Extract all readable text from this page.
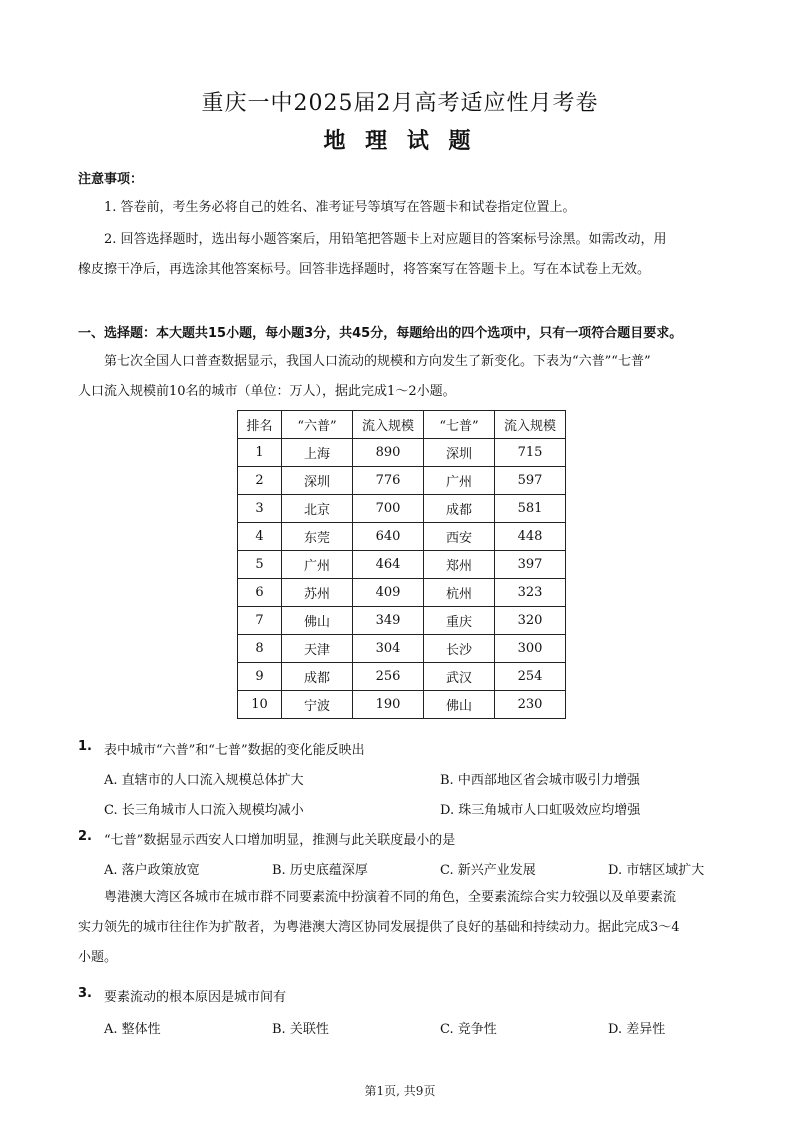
重庆一中2025届2月高考适应性月考卷
地 理 试 题
注意事项：
1. 答卷前，考生务必将自己的姓名、准考证号等填写在答题卡和试卷指定位置上。
2. 回答选择题时，选出每小题答案后，用铅笔把答题卡上对应题目的答案标号涂黑。如需改动，用
橡皮擦干净后，再选涂其他答案标号。回答非选择题时，将答案写在答题卡上。写在本试卷上无效。
一、选择题：本大题共15小题，每小题3分，共45分，每题给出的四个选项中，只有一项符合题目要求。
第七次全国人口普查数据显示，我国人口流动的规模和方向发生了新变化。下表为“六普”“七普”
人口流入规模前10名的城市（单位：万人），据此完成1～2小题。
排名	“六普”	流入规模	“七普”	流入规模
1	上海	890	深圳	715
2	深圳	776	广州	597
3	北京	700	成都	581
4	东莞	640	西安	448
5	广州	464	郑州	397
6	苏州	409	杭州	323
7	佛山	349	重庆	320
8	天津	304	长沙	300
9	成都	256	武汉	254
10	宁波	190	佛山	230
1. 表中城市“六普”和“七普”数据的变化能反映出
A. 直辖市的人口流入规模总体扩大	B. 中西部地区省会城市吸引力增强
C. 长三角城市人口流入规模均减小	D. 珠三角城市人口虹吸效应均增强
2. “七普”数据显示西安人口增加明显，推测与此关联度最小的是
A. 落户政策放宽	B. 历史底蕴深厚	C. 新兴产业发展	D. 市辖区域扩大
粤港澳大湾区各城市在城市群不同要素流中扮演着不同的角色，全要素流综合实力较强以及单要素流
实力领先的城市往往作为扩散者，为粤港澳大湾区协同发展提供了良好的基础和持续动力。据此完成3～4
小题。
3. 要素流动的根本原因是城市间有
A. 整体性	B. 关联性	C. 竞争性	D. 差异性
第1页, 共9页
